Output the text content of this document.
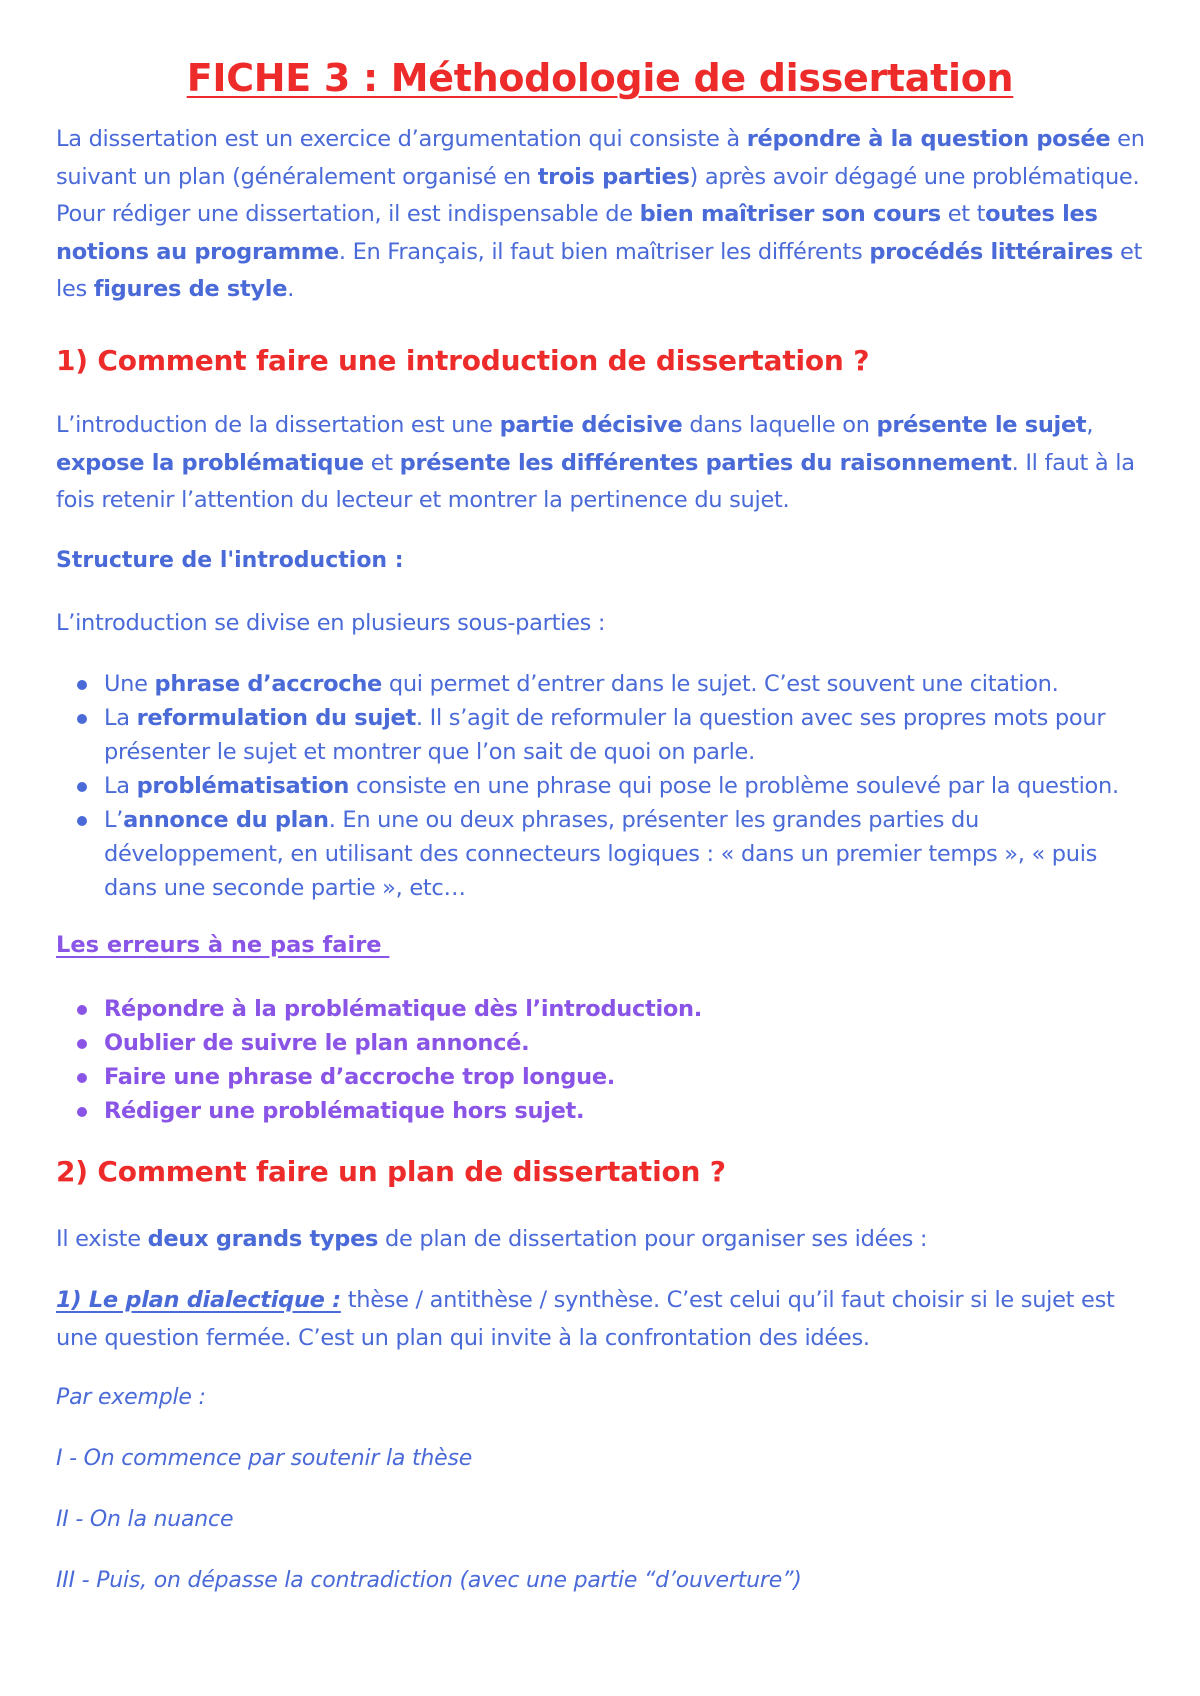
FICHE 3 : Méthodologie de dissertation

La dissertation est un exercice d’argumentation qui consiste à répondre à la question posée en suivant un plan (généralement organisé en trois parties) après avoir dégagé une problématique. Pour rédiger une dissertation, il est indispensable de bien maîtriser son cours et toutes les notions au programme. En Français, il faut bien maîtriser les différents procédés littéraires et les figures de style.

1) Comment faire une introduction de dissertation ?

L’introduction de la dissertation est une partie décisive dans laquelle on présente le sujet, expose la problématique et présente les différentes parties du raisonnement. Il faut à la fois retenir l’attention du lecteur et montrer la pertinence du sujet.

Structure de l'introduction :

L’introduction se divise en plusieurs sous-parties :

Une phrase d’accroche qui permet d’entrer dans le sujet. C’est souvent une citation.
La reformulation du sujet. Il s’agit de reformuler la question avec ses propres mots pour présenter le sujet et montrer que l’on sait de quoi on parle.
La problématisation consiste en une phrase qui pose le problème soulevé par la question.
L’annonce du plan. En une ou deux phrases, présenter les grandes parties du développement, en utilisant des connecteurs logiques : « dans un premier temps », « puis dans une seconde partie », etc…

Les erreurs à ne pas faire

Répondre à la problématique dès l’introduction.
Oublier de suivre le plan annoncé.
Faire une phrase d’accroche trop longue.
Rédiger une problématique hors sujet.
2) Comment faire un plan de dissertation ?

Il existe deux grands types de plan de dissertation pour organiser ses idées :

1) Le plan dialectique : thèse / antithèse / synthèse. C’est celui qu’il faut choisir si le sujet est une question fermée. C’est un plan qui invite à la confrontation des idées.

Par exemple :

I - On commence par soutenir la thèse

II - On la nuance

III - Puis, on dépasse la contradiction (avec une partie “d’ouverture”)
